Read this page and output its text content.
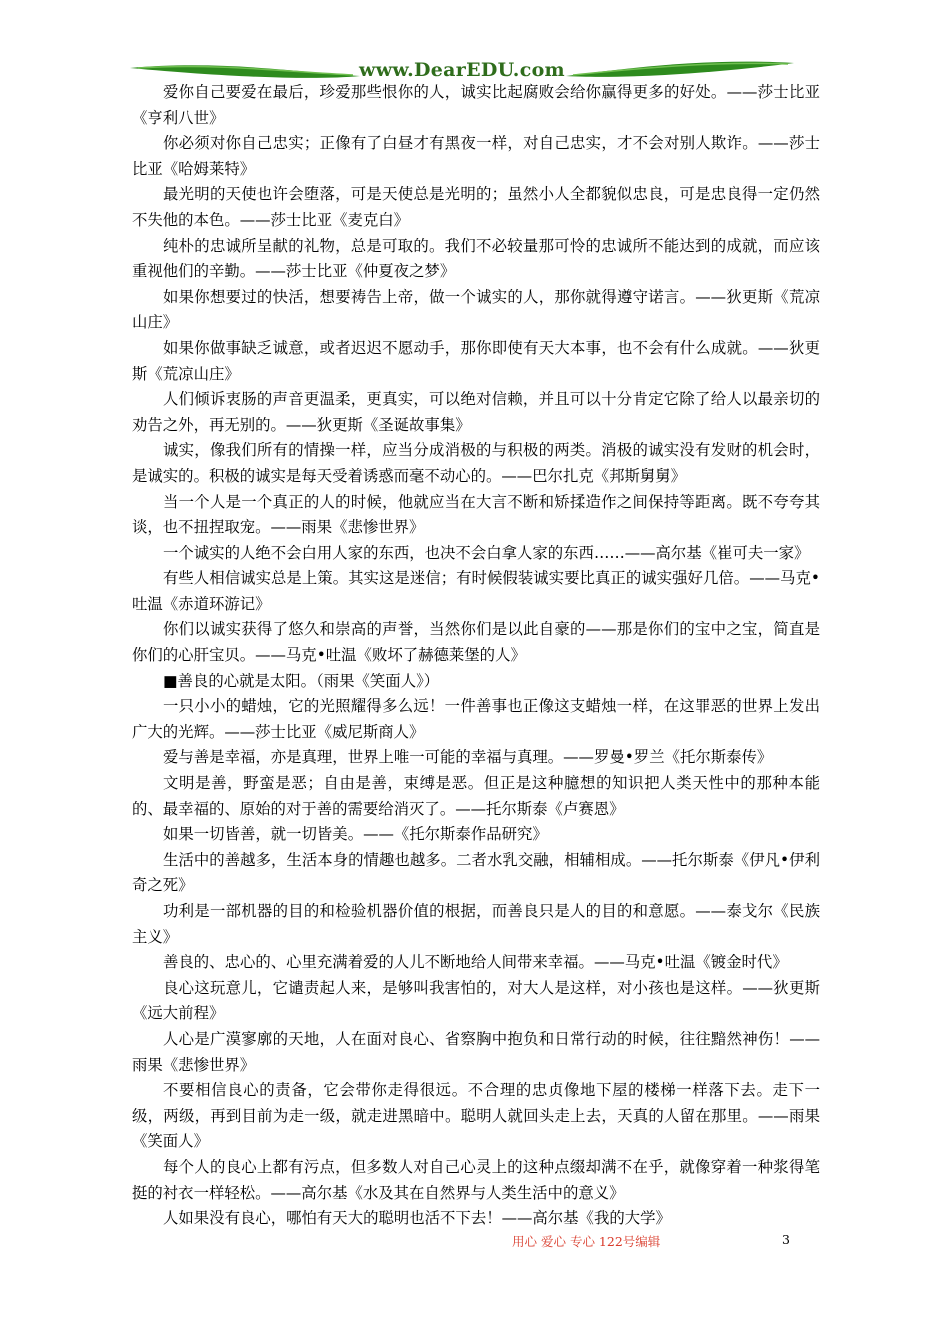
www.DearEDU.com

爱你自己要爱在最后，珍爱那些恨你的人，诚实比起腐败会给你赢得更多的好处。——莎士比亚《亨利八世》

你必须对你自己忠实；正像有了白昼才有黑夜一样，对自己忠实，才不会对别人欺诈。——莎士比亚《哈姆莱特》

最光明的天使也许会堕落，可是天使总是光明的；虽然小人全都貌似忠良，可是忠良得一定仍然不失他的本色。——莎士比亚《麦克白》

纯朴的忠诚所呈献的礼物，总是可取的。我们不必较量那可怜的忠诚所不能达到的成就，而应该重视他们的辛勤。——莎士比亚《仲夏夜之梦》

如果你想要过的快活，想要祷告上帝，做一个诚实的人，那你就得遵守诺言。——狄更斯《荒凉山庄》

如果你做事缺乏诚意，或者迟迟不愿动手，那你即使有天大本事，也不会有什么成就。——狄更斯《荒凉山庄》

人们倾诉衷肠的声音更温柔，更真实，可以绝对信赖，并且可以十分肯定它除了给人以最亲切的劝告之外，再无别的。——狄更斯《圣诞故事集》

诚实，像我们所有的情操一样，应当分成消极的与积极的两类。消极的诚实没有发财的机会时，是诚实的。积极的诚实是每天受着诱惑而毫不动心的。——巴尔扎克《邦斯舅舅》

当一个人是一个真正的人的时候，他就应当在大言不断和矫揉造作之间保持等距离。既不夸夸其谈，也不扭捏取宠。——雨果《悲惨世界》

一个诚实的人绝不会白用人家的东西，也决不会白拿人家的东西……——高尔基《崔可夫一家》

有些人相信诚实总是上策。其实这是迷信；有时候假装诚实要比真正的诚实强好几倍。——马克•吐温《赤道环游记》

你们以诚实获得了悠久和崇高的声誉，当然你们是以此自豪的——那是你们的宝中之宝，简直是你们的心肝宝贝。——马克•吐温《败坏了赫德莱堡的人》

■善良的心就是太阳。（雨果《笑面人》）

一只小小的蜡烛，它的光照耀得多么远！一件善事也正像这支蜡烛一样，在这罪恶的世界上发出广大的光辉。——莎士比亚《威尼斯商人》

爱与善是幸福，亦是真理，世界上唯一可能的幸福与真理。——罗曼•罗兰《托尔斯泰传》

文明是善，野蛮是恶；自由是善，束缚是恶。但正是这种臆想的知识把人类天性中的那种本能的、最幸福的、原始的对于善的需要给消灭了。——托尔斯泰《卢赛恩》

如果一切皆善，就一切皆美。——《托尔斯泰作品研究》

生活中的善越多，生活本身的情趣也越多。二者水乳交融，相辅相成。——托尔斯泰《伊凡•伊利奇之死》

功利是一部机器的目的和检验机器价值的根据，而善良只是人的目的和意愿。——泰戈尔《民族主义》

善良的、忠心的、心里充满着爱的人儿不断地给人间带来幸福。——马克•吐温《镀金时代》

良心这玩意儿，它谴责起人来，是够叫我害怕的，对大人是这样，对小孩也是这样。——狄更斯《远大前程》

人心是广漠寥廓的天地，人在面对良心、省察胸中抱负和日常行动的时候，往往黯然神伤！——雨果《悲惨世界》

不要相信良心的责备，它会带你走得很远。不合理的忠贞像地下屋的楼梯一样落下去。走下一级，两级，再到目前为走一级，就走进黑暗中。聪明人就回头走上去，天真的人留在那里。——雨果《笑面人》

每个人的良心上都有污点，但多数人对自己心灵上的这种点缀却满不在乎，就像穿着一种浆得笔挺的衬衣一样轻松。——高尔基《水及其在自然界与人类生活中的意义》

人如果没有良心，哪怕有天大的聪明也活不下去！——高尔基《我的大学》

用心 爱心 专心 122号编辑	3
